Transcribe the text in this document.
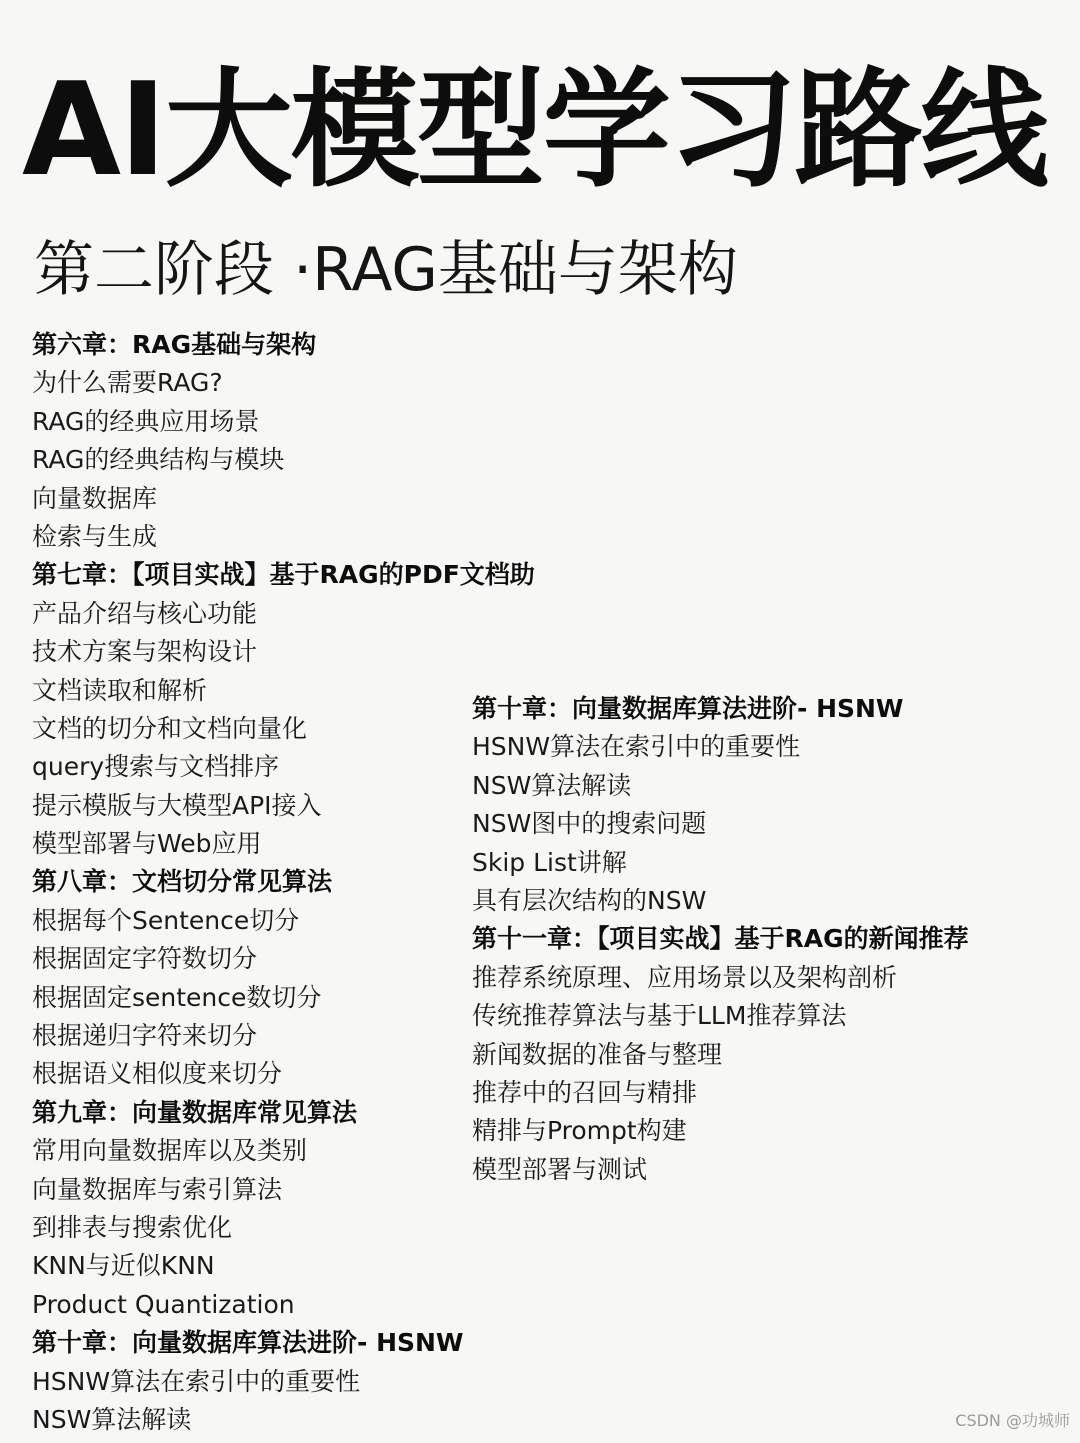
AI大模型学习路线
第二阶段 ·RAG基础与架构
第六章：RAG基础与架构
为什么需要RAG?
RAG的经典应用场景
RAG的经典结构与模块
向量数据库
检索与生成
第七章：【项目实战】基于RAG的PDF文档助
产品介绍与核心功能
技术方案与架构设计
文档读取和解析
文档的切分和文档向量化
query搜索与文档排序
提示模版与大模型API接入
模型部署与Web应用
第八章：文档切分常见算法
根据每个Sentence切分
根据固定字符数切分
根据固定sentence数切分
根据递归字符来切分
根据语义相似度来切分
第九章：向量数据库常见算法
常用向量数据库以及类别
向量数据库与索引算法
到排表与搜索优化
KNN与近似KNN
Product Quantization
第十章：向量数据库算法进阶- HSNW
HSNW算法在索引中的重要性
NSW算法解读
第十章：向量数据库算法进阶- HSNW
HSNW算法在索引中的重要性
NSW算法解读
NSW图中的搜索问题
Skip List讲解
具有层次结构的NSW
第十一章：【项目实战】基于RAG的新闻推荐
推荐系统原理、应用场景以及架构剖析
传统推荐算法与基于LLM推荐算法
新闻数据的准备与整理
推荐中的召回与精排
精排与Prompt构建
模型部署与测试
CSDN @功城师
